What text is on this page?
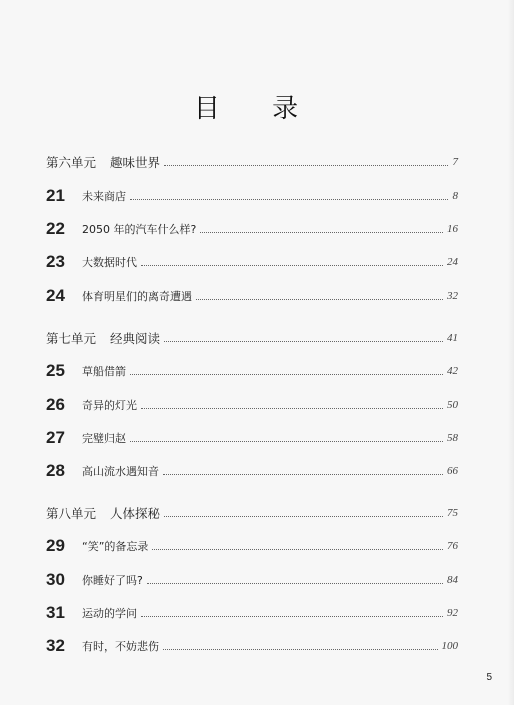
目 录
第六单元 趣味世界	7
21	未来商店	8
22	2050 年的汽车什么样?	16
23	大数据时代	24
24	体育明星们的离奇遭遇	32
第七单元 经典阅读	41
25	草船借箭	42
26	奇异的灯光	50
27	完璧归赵	58
28	高山流水遇知音	66
第八单元 人体探秘	75
29	“笑”的备忘录	76
30	你睡好了吗?	84
31	运动的学问	92
32	有时，不妨悲伤	100
5
